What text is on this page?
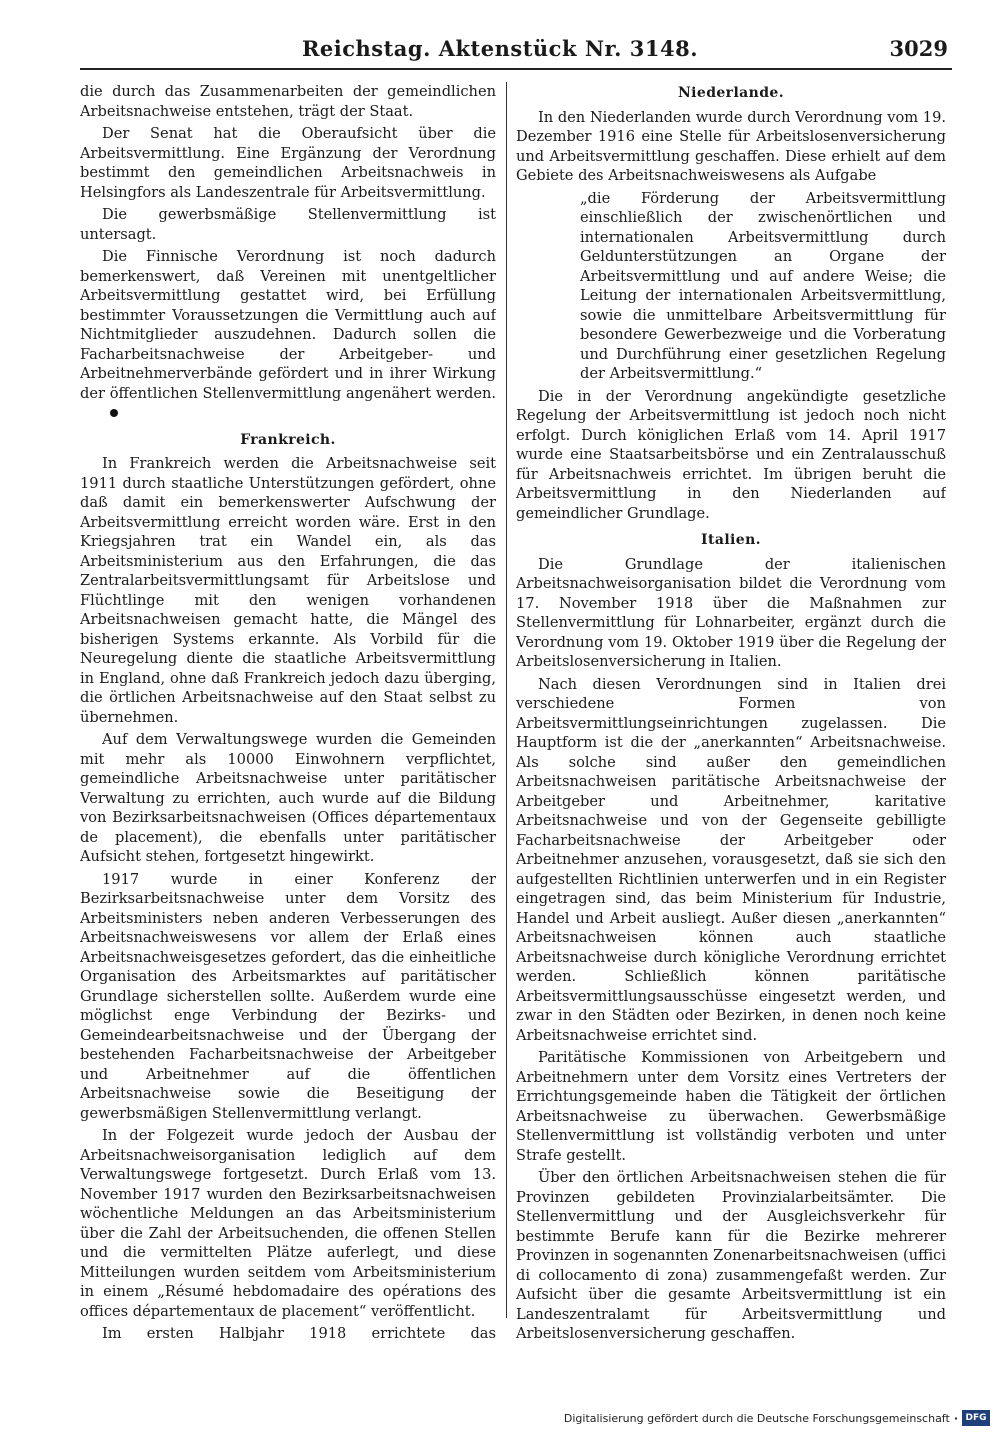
Reichstag. Aktenstück Nr. 3148.	3029

die durch das Zusammenarbeiten der gemeindlichen Arbeitsnachweise entstehen, trägt der Staat.

Der Senat hat die Oberaufsicht über die Arbeitsvermittlung. Eine Ergänzung der Verordnung bestimmt den gemeindlichen Arbeitsnachweis in Helsingfors als Landeszentrale für Arbeitsvermittlung.

Die gewerbsmäßige Stellenvermittlung ist untersagt.

Die Finnische Verordnung ist noch dadurch bemerkenswert, daß Vereinen mit unentgeltlicher Arbeitsvermittlung gestattet wird, bei Erfüllung bestimmter Voraussetzungen die Vermittlung auch auf Nichtmitglieder auszudehnen. Dadurch sollen die Facharbeitsnachweise der Arbeitgeber- und Arbeitnehmerverbände gefördert und in ihrer Wirkung der öffentlichen Stellenvermittlung angenähert werden.

Frankreich.

In Frankreich werden die Arbeitsnachweise seit 1911 durch staatliche Unterstützungen gefördert, ohne daß damit ein bemerkenswerter Aufschwung der Arbeitsvermittlung erreicht worden wäre. Erst in den Kriegsjahren trat ein Wandel ein, als das Arbeitsministerium aus den Erfahrungen, die das Zentralarbeitsvermittlungsamt für Arbeitslose und Flüchtlinge mit den wenigen vorhandenen Arbeitsnachweisen gemacht hatte, die Mängel des bisherigen Systems erkannte. Als Vorbild für die Neuregelung diente die staatliche Arbeitsvermittlung in England, ohne daß Frankreich jedoch dazu überging, die örtlichen Arbeitsnachweise auf den Staat selbst zu übernehmen.

Auf dem Verwaltungswege wurden die Gemeinden mit mehr als 10000 Einwohnern verpflichtet, gemeindliche Arbeitsnachweise unter paritätischer Verwaltung zu errichten, auch wurde auf die Bildung von Bezirksarbeitsnachweisen (Offices départementaux de placement), die ebenfalls unter paritätischer Aufsicht stehen, fortgesetzt hingewirkt.

1917 wurde in einer Konferenz der Bezirksarbeitsnachweise unter dem Vorsitz des Arbeitsministers neben anderen Verbesserungen des Arbeitsnachweiswesens vor allem der Erlaß eines Arbeitsnachweisgesetzes gefordert, das die einheitliche Organisation des Arbeitsmarktes auf paritätischer Grundlage sicherstellen sollte. Außerdem wurde eine möglichst enge Verbindung der Bezirks- und Gemeindearbeitsnachweise und der Übergang der bestehenden Facharbeitsnachweise der Arbeitgeber und Arbeitnehmer auf die öffentlichen Arbeitsnachweise sowie die Beseitigung der gewerbsmäßigen Stellenvermittlung verlangt.

In der Folgezeit wurde jedoch der Ausbau der Arbeitsnachweisorganisation lediglich auf dem Verwaltungswege fortgesetzt. Durch Erlaß vom 13. November 1917 wurden den Bezirksarbeitsnachweisen wöchentliche Meldungen an das Arbeitsministerium über die Zahl der Arbeitsuchenden, die offenen Stellen und die vermittelten Plätze auferlegt, und diese Mitteilungen wurden seitdem vom Arbeitsministerium in einem „Résumé hebdomadaire des opérations des offices départementaux de placement“ veröffentlicht.

Im ersten Halbjahr 1918 errichtete das

Niederlande.

In den Niederlanden wurde durch Verordnung vom 19. Dezember 1916 eine Stelle für Arbeitslosenversicherung und Arbeitsvermittlung geschaffen. Diese erhielt auf dem Gebiete des Arbeitsnachweiswesens als Aufgabe

„die Förderung der Arbeitsvermittlung einschließlich der zwischenörtlichen und internationalen Arbeitsvermittlung durch Geldunterstützungen an Organe der Arbeitsvermittlung und auf andere Weise; die Leitung der internationalen Arbeitsvermittlung, sowie die unmittelbare Arbeitsvermittlung für besondere Gewerbezweige und die Vorberatung und Durchführung einer gesetzlichen Regelung der Arbeitsvermittlung.“

Die in der Verordnung angekündigte gesetzliche Regelung der Arbeitsvermittlung ist jedoch noch nicht erfolgt. Durch königlichen Erlaß vom 14. April 1917 wurde eine Staatsarbeitsbörse und ein Zentralausschuß für Arbeitsnachweis errichtet. Im übrigen beruht die Arbeitsvermittlung in den Niederlanden auf gemeindlicher Grundlage.

Italien.

Die Grundlage der italienischen Arbeitsnachweisorganisation bildet die Verordnung vom 17. November 1918 über die Maßnahmen zur Stellenvermittlung für Lohnarbeiter, ergänzt durch die Verordnung vom 19. Oktober 1919 über die Regelung der Arbeitslosenversicherung in Italien.

Nach diesen Verordnungen sind in Italien drei verschiedene Formen von Arbeitsvermittlungseinrichtungen zugelassen. Die Hauptform ist die der „anerkannten“ Arbeitsnachweise. Als solche sind außer den gemeindlichen Arbeitsnachweisen paritätische Arbeitsnachweise der Arbeitgeber und Arbeitnehmer, karitative Arbeitsnachweise und von der Gegenseite gebilligte Facharbeitsnachweise der Arbeitgeber oder Arbeitnehmer anzusehen, vorausgesetzt, daß sie sich den aufgestellten Richtlinien unterwerfen und in ein Register eingetragen sind, das beim Ministerium für Industrie, Handel und Arbeit ausliegt. Außer diesen „anerkannten“ Arbeitsnachweisen können auch staatliche Arbeitsnachweise durch königliche Verordnung errichtet werden. Schließlich können paritätische Arbeitsvermittlungsausschüsse eingesetzt werden, und zwar in den Städten oder Bezirken, in denen noch keine Arbeitsnachweise errichtet sind.

Paritätische Kommissionen von Arbeitgebern und Arbeitnehmern unter dem Vorsitz eines Vertreters der Errichtungsgemeinde haben die Tätigkeit der örtlichen Arbeitsnachweise zu überwachen. Gewerbsmäßige Stellenvermittlung ist vollständig verboten und unter Strafe gestellt.

Über den örtlichen Arbeitsnachweisen stehen die für Provinzen gebildeten Provinzialarbeitsämter. Die Stellenvermittlung und der Ausgleichsverkehr für bestimmte Berufe kann für die Bezirke mehrerer Provinzen in sogenannten Zonenarbeitsnachweisen (uffici di collocamento di zona) zusammengefaßt werden. Zur Aufsicht über die gesamte Arbeitsvermittlung ist ein Landeszentralamt für Arbeitsvermittlung und Arbeitslosenversicherung geschaffen.

Digitalisierung gefördert durch die Deutsche Forschungsgemeinschaft · DFG
